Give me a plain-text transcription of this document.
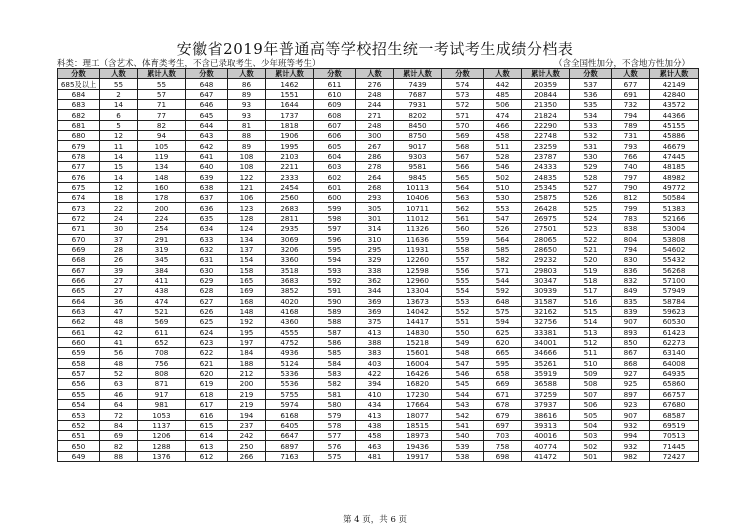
安徽省2019年普通高等学校招生统一考试考生成绩分档表
科类：理工（含艺术、体育类考生，不含已录取考生、少年班等考生）	（含全国性加分，不含地方性加分）
分数	人数	累计人数	分数	人数	累计人数	分数	人数	累计人数	分数	人数	累计人数	分数	人数	累计人数
685及以上	55	55	648	86	1462	611	276	7439	574	442	20359	537	677	42149
684	2	57	647	89	1551	610	248	7687	573	485	20844	536	691	42840
683	14	71	646	93	1644	609	244	7931	572	506	21350	535	732	43572
682	6	77	645	93	1737	608	271	8202	571	474	21824	534	794	44366
681	5	82	644	81	1818	607	248	8450	570	466	22290	533	789	45155
680	12	94	643	88	1906	606	300	8750	569	458	22748	532	731	45886
679	11	105	642	89	1995	605	267	9017	568	511	23259	531	793	46679
678	14	119	641	108	2103	604	286	9303	567	528	23787	530	766	47445
677	15	134	640	108	2211	603	278	9581	566	546	24333	529	740	48185
676	14	148	639	122	2333	602	264	9845	565	502	24835	528	797	48982
675	12	160	638	121	2454	601	268	10113	564	510	25345	527	790	49772
674	18	178	637	106	2560	600	293	10406	563	530	25875	526	812	50584
673	22	200	636	123	2683	599	305	10711	562	553	26428	525	799	51383
672	24	224	635	128	2811	598	301	11012	561	547	26975	524	783	52166
671	30	254	634	124	2935	597	314	11326	560	526	27501	523	838	53004
670	37	291	633	134	3069	596	310	11636	559	564	28065	522	804	53808
669	28	319	632	137	3206	595	295	11931	558	585	28650	521	794	54602
668	26	345	631	154	3360	594	329	12260	557	582	29232	520	830	55432
667	39	384	630	158	3518	593	338	12598	556	571	29803	519	836	56268
666	27	411	629	165	3683	592	362	12960	555	544	30347	518	832	57100
665	27	438	628	169	3852	591	344	13304	554	592	30939	517	849	57949
664	36	474	627	168	4020	590	369	13673	553	648	31587	516	835	58784
663	47	521	626	148	4168	589	369	14042	552	575	32162	515	839	59623
662	48	569	625	192	4360	588	375	14417	551	594	32756	514	907	60530
661	42	611	624	195	4555	587	413	14830	550	625	33381	513	893	61423
660	41	652	623	197	4752	586	388	15218	549	620	34001	512	850	62273
659	56	708	622	184	4936	585	383	15601	548	665	34666	511	867	63140
658	48	756	621	188	5124	584	403	16004	547	595	35261	510	868	64008
657	52	808	620	212	5336	583	422	16426	546	658	35919	509	927	64935
656	63	871	619	200	5536	582	394	16820	545	669	36588	508	925	65860
655	46	917	618	219	5755	581	410	17230	544	671	37259	507	897	66757
654	64	981	617	219	5974	580	434	17664	543	678	37937	506	923	67680
653	72	1053	616	194	6168	579	413	18077	542	679	38616	505	907	68587
652	84	1137	615	237	6405	578	438	18515	541	697	39313	504	932	69519
651	69	1206	614	242	6647	577	458	18973	540	703	40016	503	994	70513
650	82	1288	613	250	6897	576	463	19436	539	758	40774	502	932	71445
649	88	1376	612	266	7163	575	481	19917	538	698	41472	501	982	72427
第 4 页，共 6 页
